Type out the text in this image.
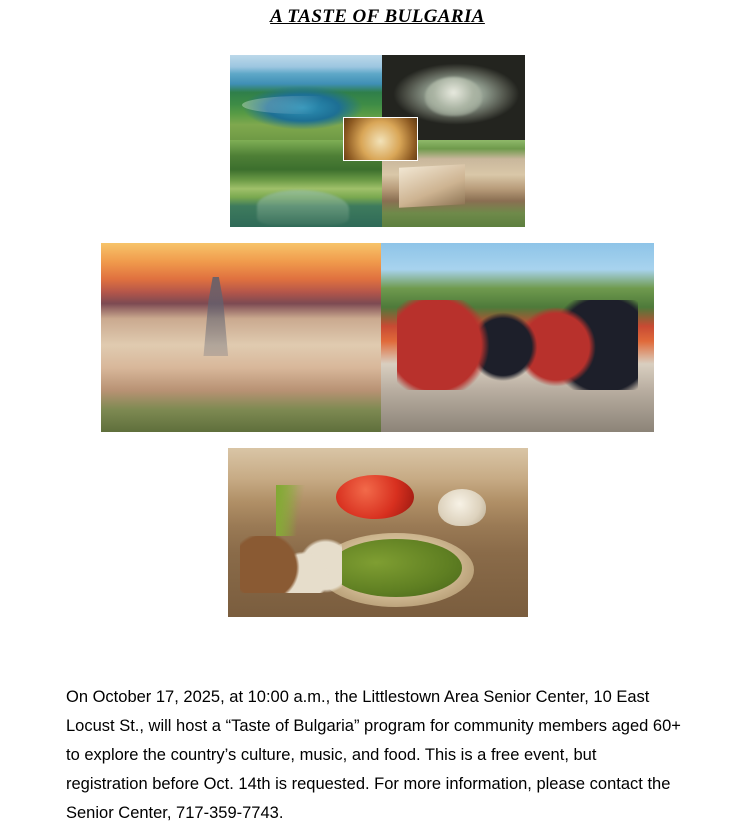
A TASTE OF BULGARIA

On October 17, 2025, at 10:00 a.m., the Littlestown Area Senior Center, 10 East Locust St., will host a “Taste of Bulgaria” program for community members aged 60+ to explore the country’s culture, music, and food. This is a free event, but registration before Oct. 14th is requested. For more information, please contact the Senior Center, 717-359-7743.
